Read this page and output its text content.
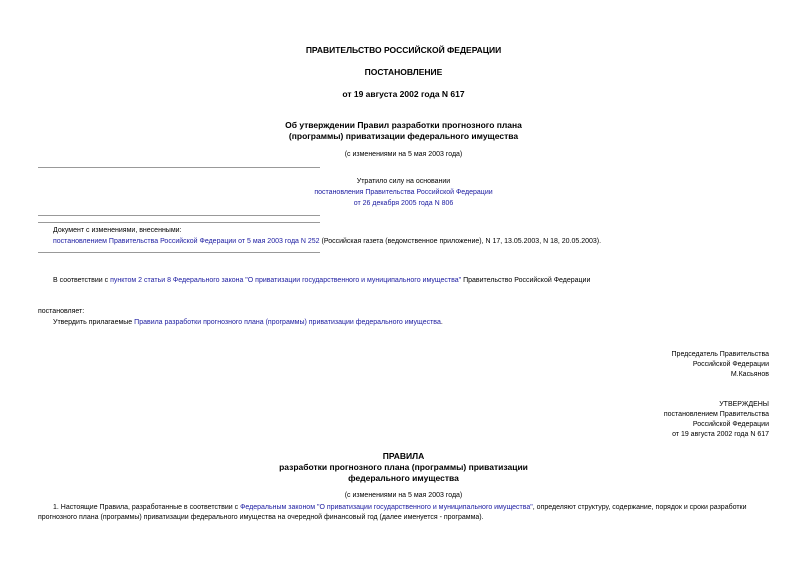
ПРАВИТЕЛЬСТВО РОССИЙСКОЙ ФЕДЕРАЦИИ
ПОСТАНОВЛЕНИЕ
от 19 августа 2002 года N 617
Об утверждении Правил разработки прогнозного плана
(программы) приватизации федерального имущества
(с изменениями на 5 мая 2003 года)
Утратило силу на основании
постановления Правительства Российской Федерации
от 26 декабря 2005 года N 806
Документ с изменениями, внесенными:
постановлением Правительства Российской Федерации от 5 мая 2003 года N 252 (Российская газета (ведомственное приложение), N 17, 13.05.2003, N 18, 20.05.2003).
В соответствии с пунктом 2 статьи 8 Федерального закона "О приватизации государственного и муниципального имущества" Правительство Российской Федерации
постановляет:
Утвердить прилагаемые Правила разработки прогнозного плана (программы) приватизации федерального имущества.
Председатель Правительства
Российской Федерации
М.Касьянов
УТВЕРЖДЕНЫ
постановлением Правительства
Российской Федерации
от 19 августа 2002 года N 617
ПРАВИЛА
разработки прогнозного плана (программы) приватизации
федерального имущества
(с изменениями на 5 мая 2003 года)
1. Настоящие Правила, разработанные в соответствии с Федеральным законом "О приватизации государственного и муниципального имущества", определяют структуру, содержание, порядок и сроки разработки
прогнозного плана (программы) приватизации федерального имущества на очередной финансовый год (далее именуется - программа).
